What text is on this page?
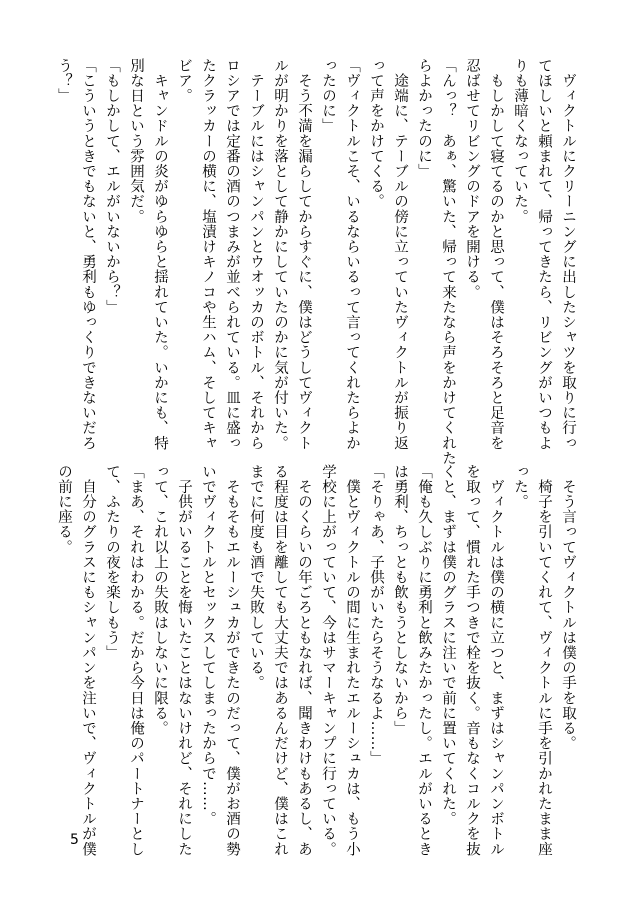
　ヴィクトルにクリーニングに出したシャツを取りに行っ
てほしいと頼まれて、帰ってきたら、リビングがいつもよ
りも薄暗くなっていた。
　もしかして寝てるのかと思って、僕はそろそろと足音を
忍ばせてリビングのドアを開ける。
「んっ？　あぁ、驚いた、帰って来たなら声をかけてくれた
らよかったのに」
　途端に、テーブルの傍に立っていたヴィクトルが振り返
って声をかけてくる。
「ヴィクトルこそ、いるならいるって言ってくれたらよか
ったのに」
　そう不満を漏らしてからすぐに、僕はどうしてヴィクト
ルが明かりを落として静かにしていたのかに気が付いた。
　テーブルにはシャンパンとウオッカのボトル、それから
ロシアでは定番の酒のつまみが並べられている。皿に盛っ
たクラッカーの横に、塩漬けキノコや生ハム、そしてキャ
ビア。
　キャンドルの炎がゆらゆらと揺れていた。いかにも、特
別な日という雰囲気だ。
「もしかして、エルがいないから？」
「こういうときでもないと、勇利もゆっくりできないだろ
う？」
　そう言ってヴィクトルは僕の手を取る。
　椅子を引いてくれて、ヴィクトルに手を引かれたまま座
った。
　ヴィクトルは僕の横に立つと、まずはシャンパンボトル
を取って、慣れた手つきで栓を抜く。音もなくコルクを抜
くと、まずは僕のグラスに注いで前に置いてくれた。
「俺も久しぶりに勇利と飲みたかったし。エルがいるとき
は勇利、ちっとも飲もうとしないから」
「そりゃあ、子供がいたらそうなるよ……」
　僕とヴィクトルの間に生まれたエルーシュカは、もう小
学校に上がっていて、今はサマーキャンプに行っている。
　そのくらいの年ごろともなれば、聞きわけもあるし、あ
る程度は目を離しても大丈夫ではあるんだけど、僕はこれ
までに何度も酒で失敗している。
　そもそもエルーシュカができたのだって、僕がお酒の勢
いでヴィクトルとセックスしてしまったからで……。
　子供がいることを悔いたことはないけれど、それにした
って、これ以上の失敗はしないに限る。
「まあ、それはわかる。だから今日は俺のパートナーとし
て、ふたりの夜を楽しもう」
　自分のグラスにもシャンパンを注いで、ヴィクトルが僕
の前に座る。
5
